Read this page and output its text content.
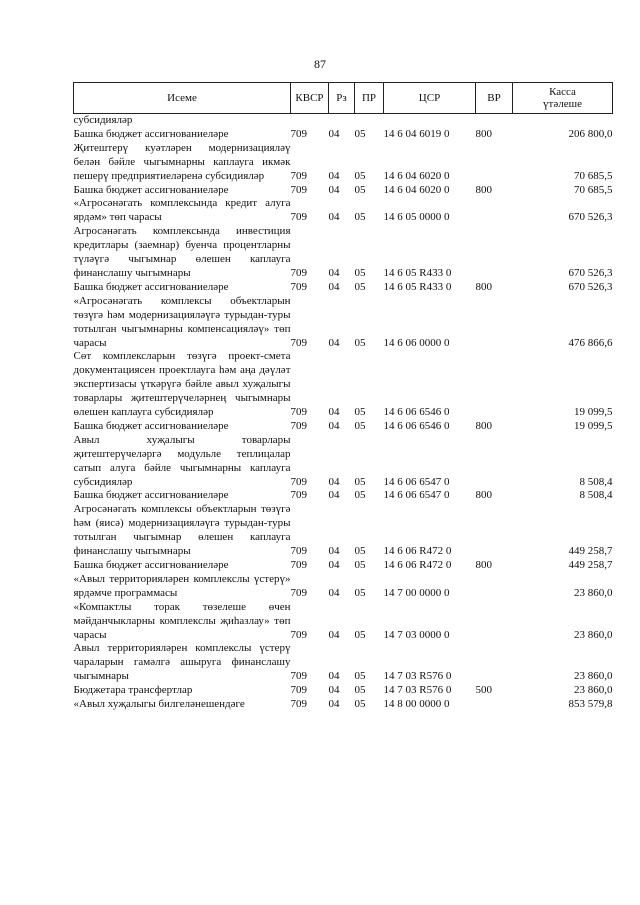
87
Исеме	КВСР	Рз	ПР	ЦСР	ВР	Касса
үтәлеше
субсидияләр						
Башка бюджет ассигнованиеләре	709	04	05	14 6 04 6019 0	800	206 800,0
Җитештерү куәтләрен модернизацияләү белән бәйле чыгымнарны каплауга икмәк пешерү предприятиеләренә субсидияләр	709	04	05	14 6 04 6020 0		70 685,5
Башка бюджет ассигнованиеләре	709	04	05	14 6 04 6020 0	800	70 685,5
«Агросәнәгать комплексында кредит алуга ярдәм» төп чарасы	709	04	05	14 6 05 0000 0		670 526,3
Агросәнәгать комплексында инвестиция кредитлары (заемнар) буенча процентларны түләүгә чыгымнар өлешен каплауга финанслашу чыгымнары	709	04	05	14 6 05 R433 0		670 526,3
Башка бюджет ассигнованиеләре	709	04	05	14 6 05 R433 0	800	670 526,3
«Агросәнәгать комплексы объектларын төзүгә һәм модернизацияләүгә турыдан-туры тотылган чыгымнарны компенсацияләү» төп чарасы	709	04	05	14 6 06 0000 0		476 866,6
Сөт комплексларын төзүгә проект-смета документациясен проектлауга һәм аңа дәүләт экспертизасы үткәрүгә бәйле авыл хуҗалыгы товарлары җитештерүчеләрнең чыгымнары өлешен каплауга субсидияләр	709	04	05	14 6 06 6546 0		19 099,5
Башка бюджет ассигнованиеләре	709	04	05	14 6 06 6546 0	800	19 099,5
Авыл хуҗалыгы товарлары җитештерүчеләргә модульле теплицалар сатып алуга бәйле чыгымнарны каплауга субсидияләр	709	04	05	14 6 06 6547 0		8 508,4
Башка бюджет ассигнованиеләре	709	04	05	14 6 06 6547 0	800	8 508,4
Агросәнәгать комплексы объектларын төзүгә һәм (яисә) модернизацияләүгә турыдан-туры тотылган чыгымнар өлешен каплауга финанслашу чыгымнары	709	04	05	14 6 06 R472 0		449 258,7
Башка бюджет ассигнованиеләре	709	04	05	14 6 06 R472 0	800	449 258,7
«Авыл территорияләрен комплекслы үстерү» ярдәмче программасы	709	04	05	14 7 00 0000 0		23 860,0
«Компактлы торак төзелеше өчен мәйданчыкларны комплекслы җиһазлау» төп чарасы	709	04	05	14 7 03 0000 0		23 860,0
Авыл территорияләрен комплекслы үстерү чараларын гамәлгә ашыруга финанслашу чыгымнары	709	04	05	14 7 03 R576 0		23 860,0
Бюджетара трансфертлар	709	04	05	14 7 03 R576 0	500	23 860,0
«Авыл хуҗалыгы билгеләнешендәге	709	04	05	14 8 00 0000 0		853 579,8
